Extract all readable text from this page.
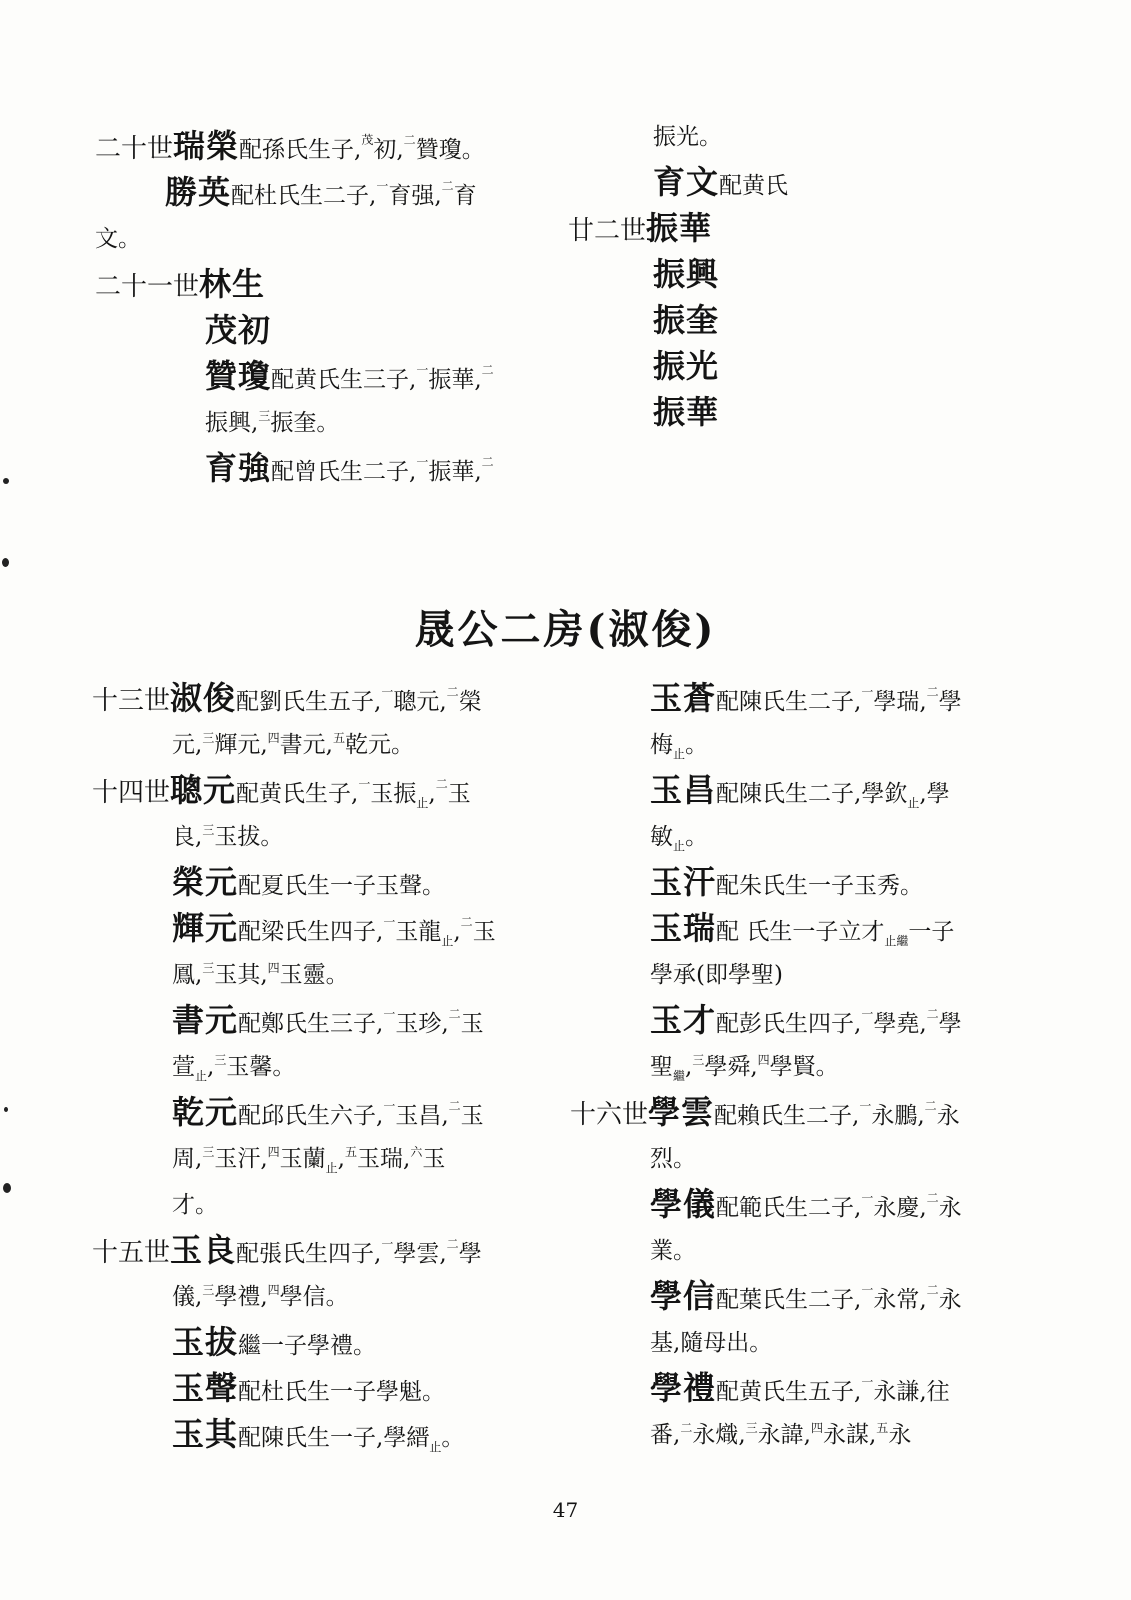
二十世瑞榮配孫氏生子,$^茂$初,$^二$贊瓊。
勝英配杜氏生二子,$^一$育强,$^二$育
文。
二十一世林生
茂初
贊瓊配黄氏生三子,$^一$振華,$^二$
振興,$^三$振奎。
育強配曾氏生二子,$^一$振華,$^二$
振光。
育文配黄氏
廿二世振華
振興
振奎
振光
振華
晟公二房(淑俊)
十三世淑俊配劉氏生五子,$^一$聰元,$^二$榮
元,$^三$輝元,$^四$書元,$^五$乾元。
十四世聰元配黄氏生子,$^一$玉振$_止$,$^二$玉
良,$^三$玉拔。
榮元配夏氏生一子玉聲。
輝元配梁氏生四子,$^一$玉龍$_止$,$^二$玉
鳳,$^三$玉其,$^四$玉靈。
書元配鄭氏生三子,$^一$玉珍,$^二$玉
萱$_止$,$^三$玉馨。
乾元配邱氏生六子,$^一$玉昌,$^二$玉
周,$^三$玉汗,$^四$玉蘭$_止$,$^五$玉瑞,$^六$玉
才。
十五世玉良配張氏生四子,$^一$學雲,$^二$學
儀,$^三$學禮,$^四$學信。
玉拔繼一子學禮。
玉聲配杜氏生一子學魁。
玉其配陳氏生一子,學縉$_止$。
玉蒼配陳氏生二子,$^一$學瑞,$^二$學
梅$_止$。
玉昌配陳氏生二子,學欽$_止$,學
敏$_止$。
玉汗配朱氏生一子玉秀。
玉瑞配 氏生一子立才$_{止繼}$一子
學承(即學聖)
玉才配彭氏生四子,$^一$學堯,$^二$學
聖$_繼$,$^三$學舜,$^四$學賢。
十六世學雲配賴氏生二子,$^一$永鵬,$^二$永
烈。
學儀配範氏生二子,$^一$永慶,$^二$永
業。
學信配葉氏生二子,$^一$永常,$^二$永
基,隨母出。
學禮配黄氏生五子,$^一$永謙,往
番,$^二$永熾,$^三$永諱,$^四$永謀,$^五$永
47
